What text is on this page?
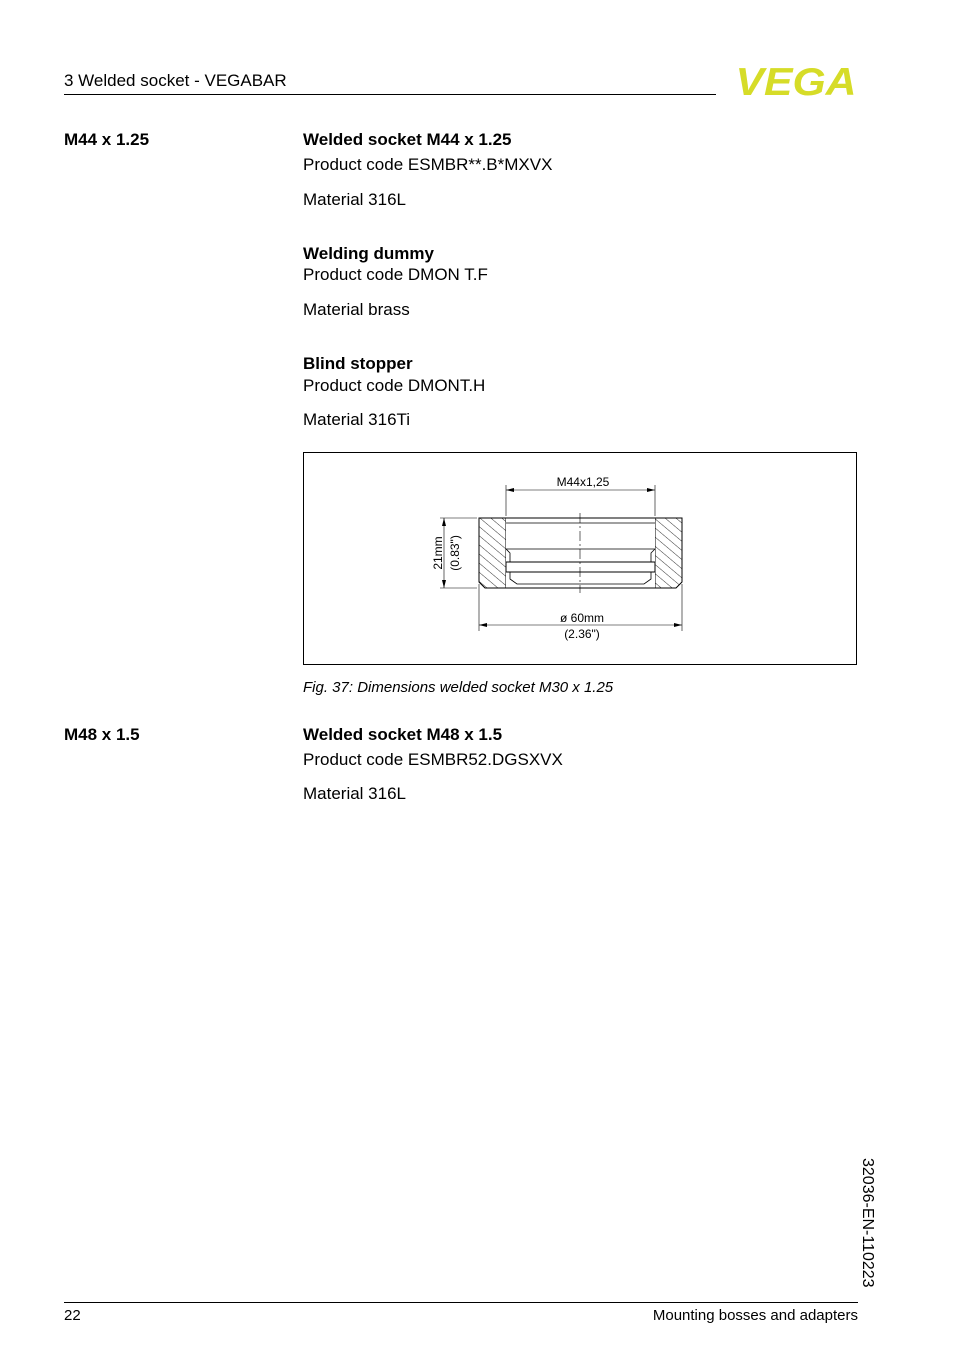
3 Welded socket - VEGABAR	VEGA
M44 x 1.25	Welded socket M44 x 1.25
Product code ESMBR**.B*MXVX
Material 316L
Welding dummy
Product code DMON T.F
Material brass
Blind stopper
Product code DMONT.H
Material 316Ti
M44x1,25
21mm (0.83")
ø 60mm
(2.36")
Fig. 37: Dimensions welded socket M30 x 1.25
M48 x 1.5	Welded socket M48 x 1.5
Product code ESMBR52.DGSXVX
Material 316L
32036-EN-110223
22	Mounting bosses and adapters
